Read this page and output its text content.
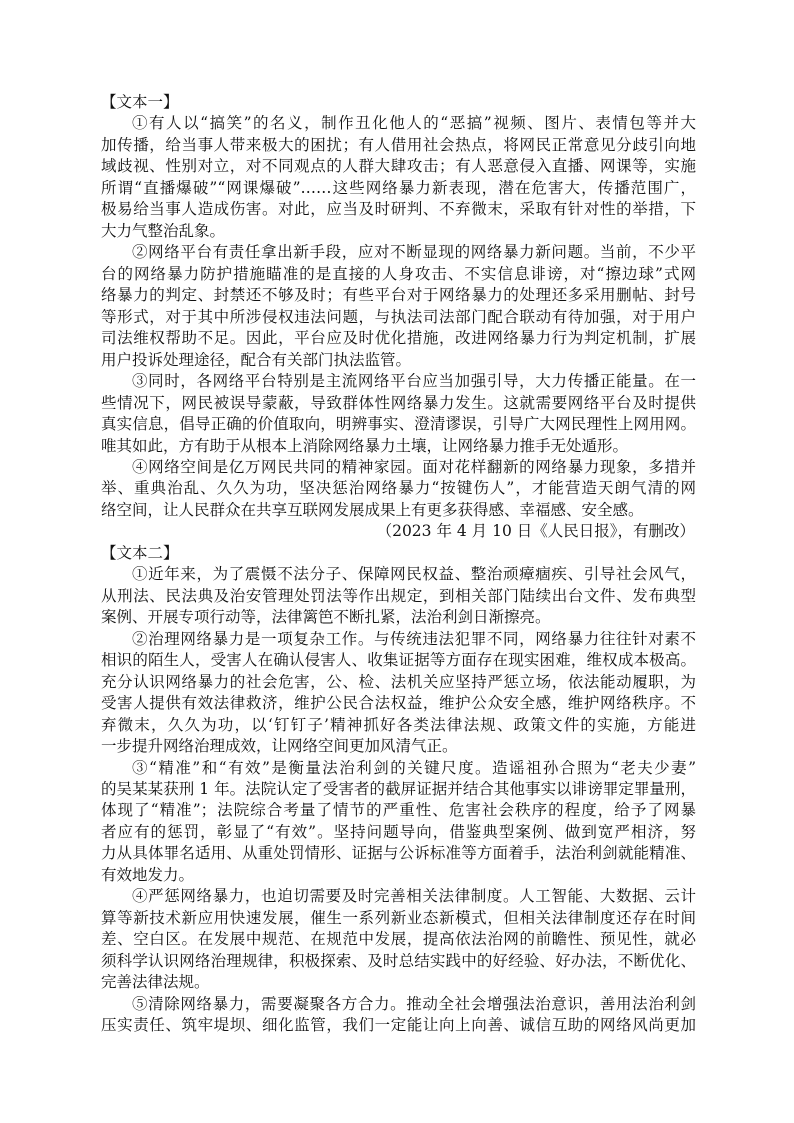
【文本一】
①有人以“搞笑”的名义，制作丑化他人的“恶搞”视频、图片、表情包等并大
加传播，给当事人带来极大的困扰；有人借用社会热点，将网民正常意见分歧引向地
域歧视、性别对立，对不同观点的人群大肆攻击；有人恶意侵入直播、网课等，实施
所谓“直播爆破”“网课爆破”……这些网络暴力新表现，潜在危害大，传播范围广，
极易给当事人造成伤害。对此，应当及时研判、不弃微末，采取有针对性的举措，下
大力气整治乱象。
②网络平台有责任拿出新手段，应对不断显现的网络暴力新问题。当前，不少平
台的网络暴力防护措施瞄准的是直接的人身攻击、不实信息诽谤，对“擦边球”式网
络暴力的判定、封禁还不够及时；有些平台对于网络暴力的处理还多采用删帖、封号
等形式，对于其中所涉侵权违法问题，与执法司法部门配合联动有待加强，对于用户
司法维权帮助不足。因此，平台应及时优化措施，改进网络暴力行为判定机制，扩展
用户投诉处理途径，配合有关部门执法监管。
③同时，各网络平台特别是主流网络平台应当加强引导，大力传播正能量。在一
些情况下，网民被误导蒙蔽，导致群体性网络暴力发生。这就需要网络平台及时提供
真实信息，倡导正确的价值取向，明辨事实、澄清谬误，引导广大网民理性上网用网。
唯其如此，方有助于从根本上消除网络暴力土壤，让网络暴力推手无处遁形。
④网络空间是亿万网民共同的精神家园。面对花样翻新的网络暴力现象，多措并
举、重典治乱、久久为功，坚决惩治网络暴力“按键伤人”，才能营造天朗气清的网
络空间，让人民群众在共享互联网发展成果上有更多获得感、幸福感、安全感。
（2023 年 4 月 10 日《人民日报》，有删改）
【文本二】
①近年来，为了震慑不法分子、保障网民权益、整治顽瘴痼疾、引导社会风气，
从刑法、民法典及治安管理处罚法等作出规定，到相关部门陆续出台文件、发布典型
案例、开展专项行动等，法律篱笆不断扎紧，法治利剑日渐擦亮。
②治理网络暴力是一项复杂工作。与传统违法犯罪不同，网络暴力往往针对素不
相识的陌生人，受害人在确认侵害人、收集证据等方面存在现实困难，维权成本极高。
充分认识网络暴力的社会危害，公、检、法机关应坚持严惩立场，依法能动履职，为
受害人提供有效法律救济，维护公民合法权益，维护公众安全感，维护网络秩序。不
弃微末，久久为功，以‘钉钉子’精神抓好各类法律法规、政策文件的实施，方能进
一步提升网络治理成效，让网络空间更加风清气正。
③“精准”和“有效”是衡量法治利剑的关键尺度。造谣祖孙合照为“老夫少妻”
的吴某某获刑 1 年。法院认定了受害者的截屏证据并结合其他事实以诽谤罪定罪量刑，
体现了“精准”；法院综合考量了情节的严重性、危害社会秩序的程度，给予了网暴
者应有的惩罚，彰显了“有效”。坚持问题导向，借鉴典型案例、做到宽严相济，努
力从具体罪名适用、从重处罚情形、证据与公诉标准等方面着手，法治利剑就能精准、
有效地发力。
④严惩网络暴力，也迫切需要及时完善相关法律制度。人工智能、大数据、云计
算等新技术新应用快速发展，催生一系列新业态新模式，但相关法律制度还存在时间
差、空白区。在发展中规范、在规范中发展，提高依法治网的前瞻性、预见性，就必
须科学认识网络治理规律，积极探索、及时总结实践中的好经验、好办法，不断优化、
完善法律法规。
⑤清除网络暴力，需要凝聚各方合力。推动全社会增强法治意识，善用法治利剑
压实责任、筑牢堤坝、细化监管，我们一定能让向上向善、诚信互助的网络风尚更加
